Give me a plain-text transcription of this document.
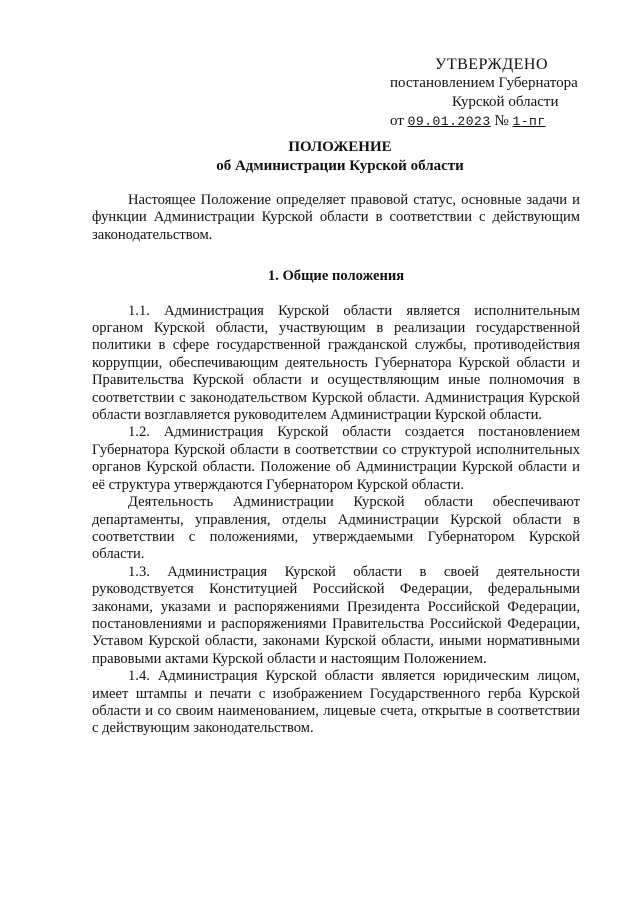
УТВЕРЖДЕНО
постановлением Губернатора
Курской области
от 09.01.2023 № 1-пг
ПОЛОЖЕНИЕ
об Администрации Курской области

Настоящее Положение определяет правовой статус, основные задачи и функции Администрации Курской области в соответствии с действующим законодательством.

1. Общие положения

1.1. Администрация Курской области является исполнительным органом Курской области, участвующим в реализации государственной политики в сфере государственной гражданской службы, противодействия коррупции, обеспечивающим деятельность Губернатора Курской области и Правительства Курской области и осуществляющим иные полномочия в соответствии с законодательством Курской области. Администрация Курской области возглавляется руководителем Администрации Курской области.

1.2. Администрация Курской области создается постановлением Губернатора Курской области в соответствии со структурой исполнительных органов Курской области. Положение об Администрации Курской области и её структура утверждаются Губернатором Курской области.

Деятельность Администрации Курской области обеспечивают департаменты, управления, отделы Администрации Курской области в соответствии с положениями, утверждаемыми Губернатором Курской области.

1.3. Администрация Курской области в своей деятельности руководствуется Конституцией Российской Федерации, федеральными законами, указами и распоряжениями Президента Российской Федерации, постановлениями и распоряжениями Правительства Российской Федерации, Уставом Курской области, законами Курской области, иными нормативными правовыми актами Курской области и настоящим Положением.

1.4. Администрация Курской области является юридическим лицом, имеет штампы и печати с изображением Государственного герба Курской области и со своим наименованием, лицевые счета, открытые в соответствии с действующим законодательством.
